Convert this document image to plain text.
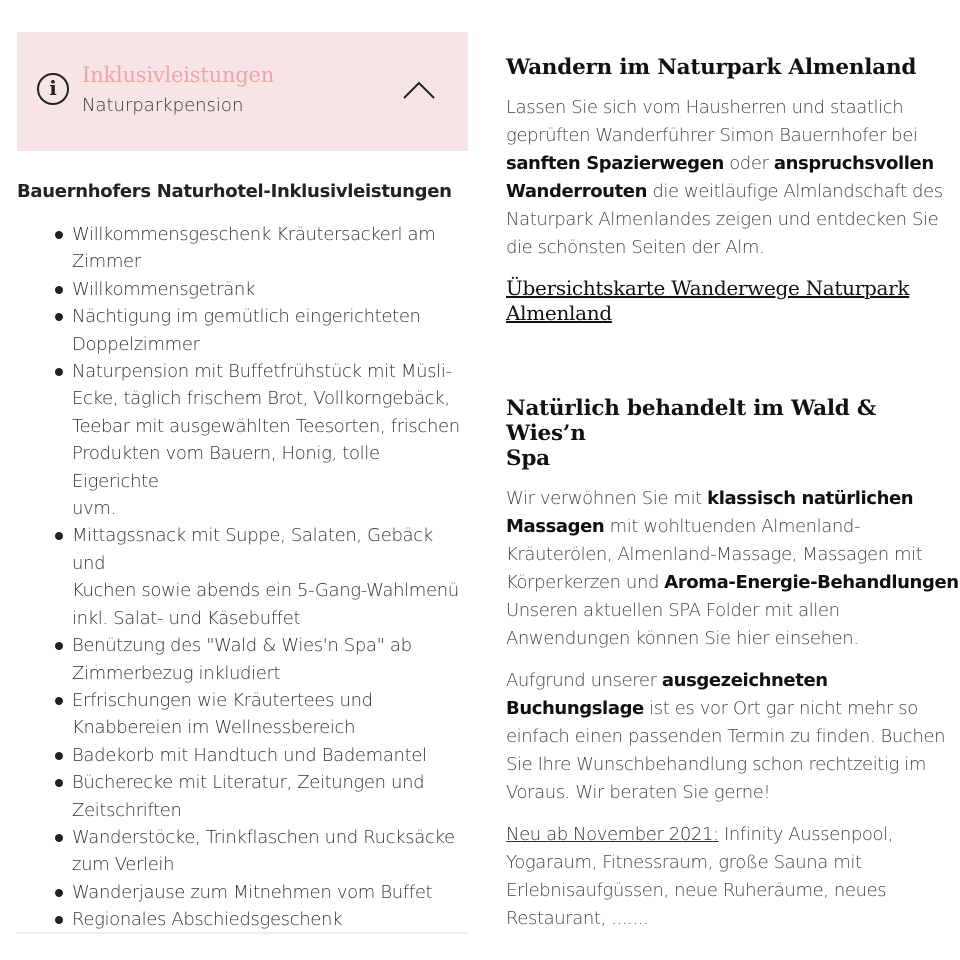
i
Inklusivleistungen
Naturparkpension
Bauernhofers Naturhotel-Inklusivleistungen
Willkommensgeschenk Kräutersackerl am
Zimmer
Willkommensgetränk
Nächtigung im gemütlich eingerichteten
Doppelzimmer
Naturpension mit Buffetfrühstück mit Müsli-
Ecke, täglich frischem Brot, Vollkorngebäck,
Teebar mit ausgewählten Teesorten, frischen
Produkten vom Bauern, Honig, tolle Eigerichte
uvm.
Mittagssnack mit Suppe, Salaten, Gebäck und
Kuchen sowie abends ein 5-Gang-Wahlmenü
inkl. Salat- und Käsebuffet
Benützung des "Wald & Wies'n Spa" ab
Zimmerbezug inkludiert
Erfrischungen wie Kräutertees und
Knabbereien im Wellnessbereich
Badekorb mit Handtuch und Bademantel
Bücherecke mit Literatur, Zeitungen und
Zeitschriften
Wanderstöcke, Trinkflaschen und Rucksäcke
zum Verleih
Wanderjause zum Mitnehmen vom Buffet
Regionales Abschiedsgeschenk
Wandern im Naturpark Almenland
Lassen Sie sich vom Hausherren und staatlich
geprüften Wanderführer Simon Bauernhofer bei
sanften Spazierwegen oder anspruchsvollen
Wanderrouten die weitläufige Almlandschaft des
Naturpark Almenlandes zeigen und entdecken Sie
die schönsten Seiten der Alm.
Übersichtskarte Wanderwege Naturpark
Almenland
Natürlich behandelt im Wald & Wies’n
Spa
Wir verwöhnen Sie mit klassisch natürlichen
Massagen mit wohltuenden Almenland-
Kräuterölen, Almenland-Massage, Massagen mit
Körperkerzen und Aroma-Energie-Behandlungen
Unseren aktuellen SPA Folder mit allen
Anwendungen können Sie hier einsehen.
Aufgrund unserer ausgezeichneten
Buchungslage ist es vor Ort gar nicht mehr so
einfach einen passenden Termin zu finden. Buchen
Sie Ihre Wunschbehandlung schon rechtzeitig im
Voraus. Wir beraten Sie gerne!
Neu ab November 2021: Infinity Aussenpool,
Yogaraum, Fitnessraum, große Sauna mit
Erlebnisaufgüssen, neue Ruheräume, neues
Restaurant, .......
